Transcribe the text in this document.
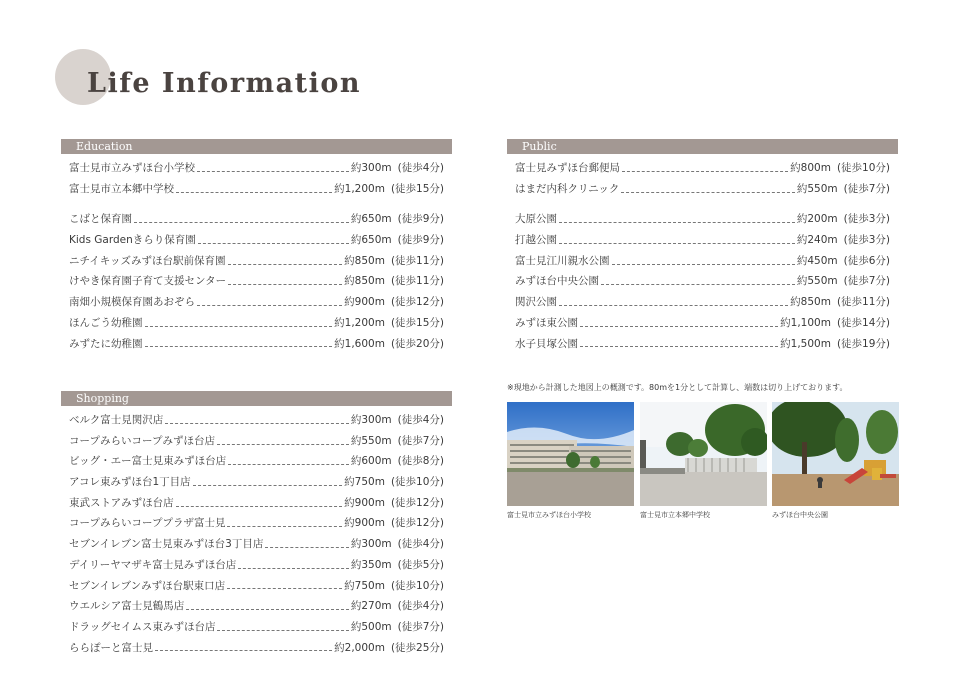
Life Information
Education
富士見市立みずほ台小学校	約300m (徒歩4分)
富士見市立本郷中学校	約1,200m (徒歩15分)
こばと保育園	約650m (徒歩9分)
Kids Gardenきらり保育園	約650m (徒歩9分)
ニチイキッズみずほ台駅前保育園	約850m (徒歩11分)
けやき保育園子育て支援センター	約850m (徒歩11分)
南畑小規模保育園あおぞら	約900m (徒歩12分)
ほんごう幼稚園	約1,200m (徒歩15分)
みずたに幼稚園	約1,600m (徒歩20分)
Shopping
ベルク富士見関沢店	約300m (徒歩4分)
コープみらいコープみずほ台店	約550m (徒歩7分)
ビッグ・エー富士見東みずほ台店	約600m (徒歩8分)
アコレ東みずほ台1丁目店	約750m (徒歩10分)
東武ストアみずほ台店	約900m (徒歩12分)
コープみらいコーププラザ富士見	約900m (徒歩12分)
セブンイレブン富士見東みずほ台3丁目店	約300m (徒歩4分)
デイリーヤマザキ富士見みずほ台店	約350m (徒歩5分)
セブンイレブンみずほ台駅東口店	約750m (徒歩10分)
ウエルシア富士見鶴馬店	約270m (徒歩4分)
ドラッグセイムス東みずほ台店	約500m (徒歩7分)
ららぽーと富士見	約2,000m (徒歩25分)
Public
富士見みずほ台郵便局	約800m (徒歩10分)
はまだ内科クリニック	約550m (徒歩7分)
大原公園	約200m (徒歩3分)
打越公園	約240m (徒歩3分)
富士見江川親水公園	約450m (徒歩6分)
みずほ台中央公園	約550m (徒歩7分)
関沢公園	約850m (徒歩11分)
みずほ東公園	約1,100m (徒歩14分)
水子貝塚公園	約1,500m (徒歩19分)
※現地から計測した地図上の概測です。80mを1分として計算し、端数は切り上げております。
富士見市立みずほ台小学校	富士見市立本郷中学校	みずほ台中央公園
